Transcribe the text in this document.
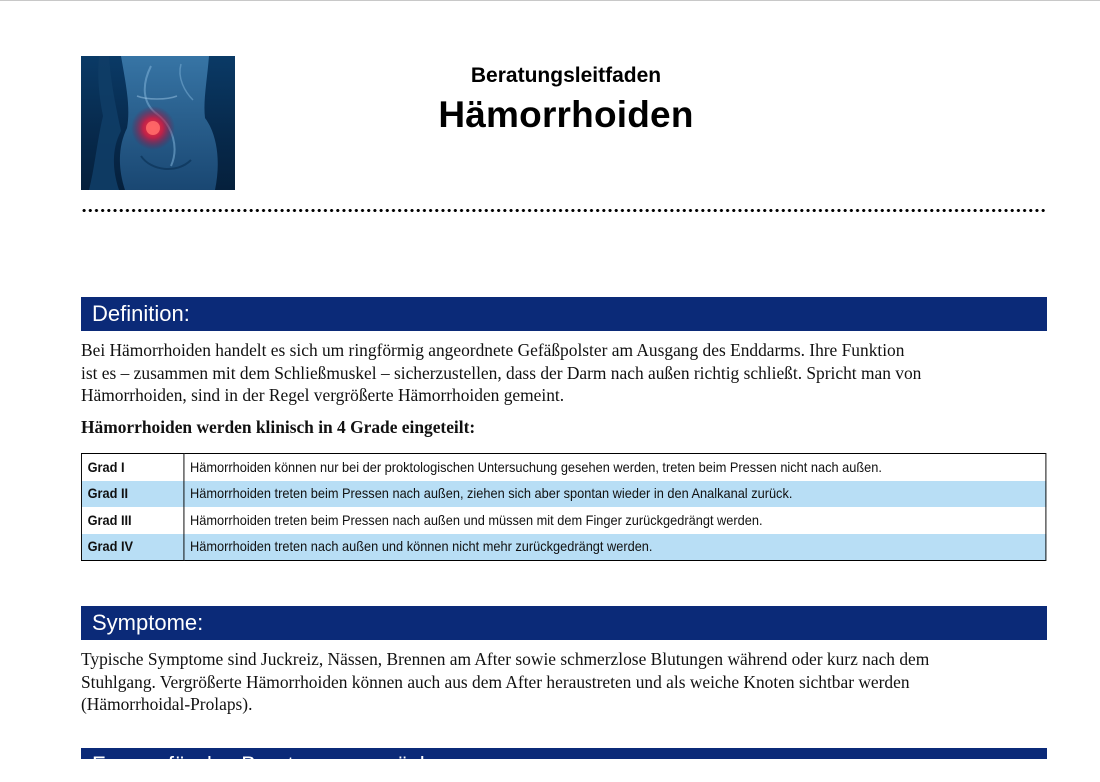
Beratungsleitfaden
Hämorrhoiden
Definition:

Bei Hämorrhoiden handelt es sich um ringförmig angeordnete Gefäßpolster am Ausgang des Enddarms. Ihre Funktion
ist es – zusammen mit dem Schließmuskel – sicherzustellen, dass der Darm nach außen richtig schließt. Spricht man von
Hämorrhoiden, sind in der Regel vergrößerte Hämorrhoiden gemeint.

Hämorrhoiden werden klinisch in 4 Grade eingeteilt:

Grad I	Hämorrhoiden können nur bei der proktologischen Untersuchung gesehen werden, treten beim Pressen nicht nach außen.
Grad II	Hämorrhoiden treten beim Pressen nach außen, ziehen sich aber spontan wieder in den Analkanal zurück.
Grad III	Hämorrhoiden treten beim Pressen nach außen und müssen mit dem Finger zurückgedrängt werden.
Grad IV	Hämorrhoiden treten nach außen und können nicht mehr zurückgedrängt werden.
Symptome:

Typische Symptome sind Juckreiz, Nässen, Brennen am After sowie schmerzlose Blutungen während oder kurz nach dem
Stuhlgang. Vergrößerte Hämorrhoiden können auch aus dem After heraustreten und als weiche Knoten sichtbar werden
(Hämorrhoidal-Prolaps).

Fragen für das Beratungsgespräch:
